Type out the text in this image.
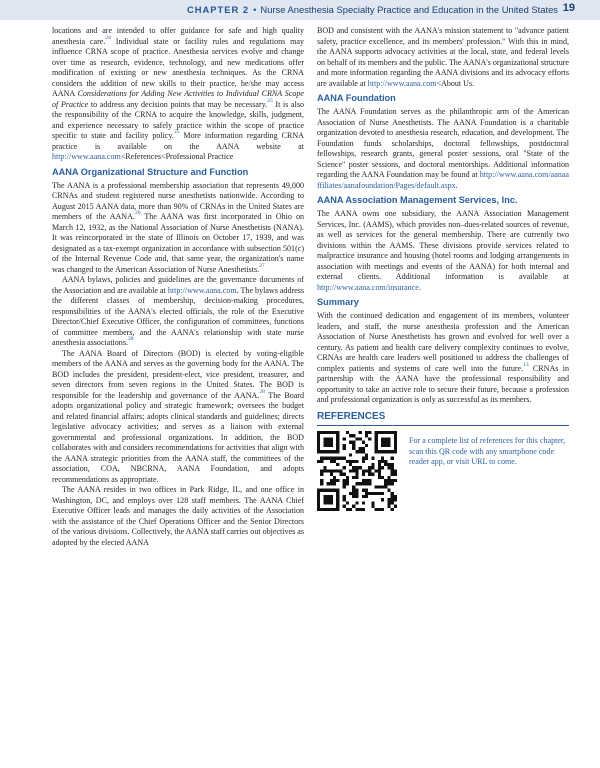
CHAPTER 2 • Nurse Anesthesia Specialty Practice and Education in the United States 19

locations and are intended to offer guidance for safe and high quality anesthesia care.$^{24}$ Individual state or facility rules and regulations may influence CRNA scope of practice. Anesthesia services evolve and change over time as research, evidence, technology, and new medications offer modification of existing or new anesthesia techniques. As the CRNA considers the addition of new skills to their practice, he/she may access AANA Considerations for Adding New Activities to Individual CRNA Scope of Practice to address any decision points that may be necessary.$^{25}$ It is also the responsibility of the CRNA to acquire the knowledge, skills, judgment, and experience necessary to safely practice within the scope of practice specific to state and facility policy.$^{25}$ More information regarding CRNA practice is available on the AANA website at http://www.aana.com<References<Professional Practice

AANA Organizational Structure and Function

The AANA is a professional membership association that represents 49,000 CRNAs and student registered nurse anesthetists nationwide. According to August 2015 AANA data, more than 90% of CRNAs in the United States are members of the AANA.$^{26}$ The AANA was first incorporated in Ohio on March 12, 1932, as the National Association of Nurse Anesthetists (NANA). It was reincorporated in the state of Illinois on October 17, 1939, and was designated as a tax-exempt organization in accordance with subsection 501(c) of the Internal Revenue Code and, that same year, the organization's name was changed to the American Association of Nurse Anesthetists.$^{27}$

AANA bylaws, policies and guidelines are the governance documents of the Association and are available at http://www.aana.com. The bylaws address the different classes of membership, decision-making procedures, responsibilities of the AANA's elected officials, the role of the Executive Director/Chief Executive Officer, the configuration of committees, functions of committee members, and the AANA's relationship with state nurse anesthesia associations.$^{28}$

The AANA Board of Directors (BOD) is elected by voting-eligible members of the AANA and serves as the governing body for the AANA. The BOD includes the president, president-elect, vice president, treasurer, and seven directors from seven regions in the United States. The BOD is responsible for the leadership and governance of the AANA.$^{28}$ The Board adopts organizational policy and strategic framework; oversees the budget and related financial affairs; adopts clinical standards and guidelines; directs legislative advocacy activities; and serves as a liaison with external governmental and professional organizations. In addition, the BOD collaborates with and considers recommendations for activities that align with the AANA strategic priorities from the AANA staff, the committees of the association, COA, NBCRNA, AANA Foundation, and adopts recommendations as appropriate.

The AANA resides in two offices in Park Ridge, IL, and one office in Washington, DC, and employs over 128 staff members. The AANA Chief Executive Officer leads and manages the daily activities of the Association with the assistance of the Chief Operations Officer and the Senior Directors of the various divisions. Collectively, the AANA staff carries out objectives as adopted by the elected AANA

BOD and consistent with the AANA's mission statement to "advance patient safety, practice excellence, and its members' profession." With this in mind, the AANA supports advocacy activities at the local, state, and federal levels on behalf of its members and the public. The AANA's organizational structure and more information regarding the AANA divisions and its advocacy efforts are available at http://www.aana.com<About Us.

AANA Foundation

The AANA Foundation serves as the philanthropic arm of the American Association of Nurse Anesthetists. The AANA Foundation is a charitable organization devoted to anesthesia research, education, and development. The Foundation funds scholarships, doctoral fellowships, postdoctoral fellowships, research grants, general poster sessions, oral "State of the Science" poster sessions, and doctoral mentorships. Additional information regarding the AANA Foundation may be found at http://www.aana.com/aanaaffiliates/aanafoundation/Pages/default.aspx.

AANA Association Management Services, Inc.

The AANA owns one subsidiary, the AANA Association Management Services, Inc. (AAMS), which provides non–dues-related sources of revenue, as well as services for the general membership. There are currently two divisions within the AAMS. These divisions provide services related to malpractice insurance and housing (hotel rooms and lodging arrangements in association with meetings and events of the AANA) for both internal and external clients. Additional information is available at http://www.aana.com/insurance.

Summary

With the continued dedication and engagement of its members, volunteer leaders, and staff, the nurse anesthesia profession and the American Association of Nurse Anesthetists has grown and evolved for well over a century. As patient and health care delivery complexity continues to evolve, CRNAs are health care leaders well positioned to address the challenges of complex patients and systems of care well into the future.$^{13}$ CRNAs in partnership with the AANA have the professional responsibility and opportunity to take an active role to secure their future, because a profession and professional organization is only as successful as its members.

REFERENCES
For a complete list of references for this chapter, scan this QR code with any smartphone code reader app, or visit URL to come.
